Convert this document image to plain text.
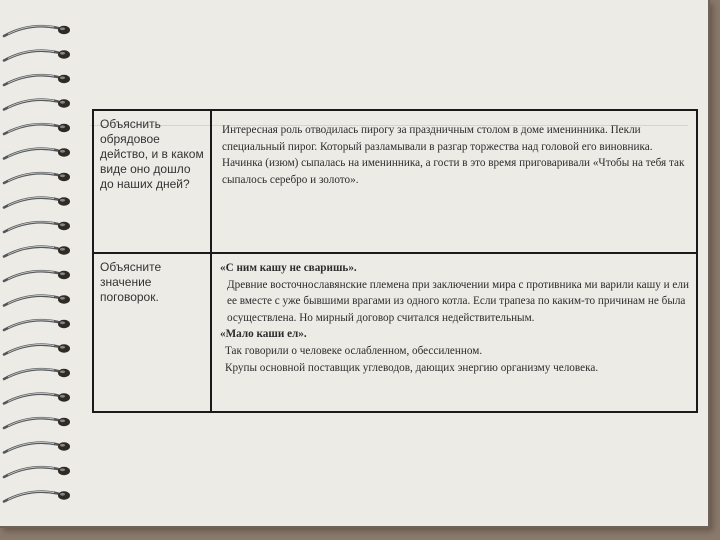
Объяснить обрядовое действо, и в каком виде оно дошло до наших дней?	Интересная роль отводилась пирогу за праздничным столом в доме именинника. Пекли специальный пирог. Который разламывали в разгар торжества над головой его виновника. Начинка (изюм) сыпалась на именинника, а гости в это время приговаривали «Чтобы на тебя так сыпалось серебро и золото».
Объясните значение поговорок.	«С ним кашу не сваришь».

Древние восточнославянские племена при заключении мира с противника ми варили кашу и ели ее вместе с уже бывшими врагами из одного котла. Если трапеза по каким-то причинам не была осуществлена. Но мирный договор считался недействительным.

«Мало каши ел».

Так говорили о человеке ослабленном, обессиленном.

Крупы основной поставщик углеводов, дающих энергию организму человека.
